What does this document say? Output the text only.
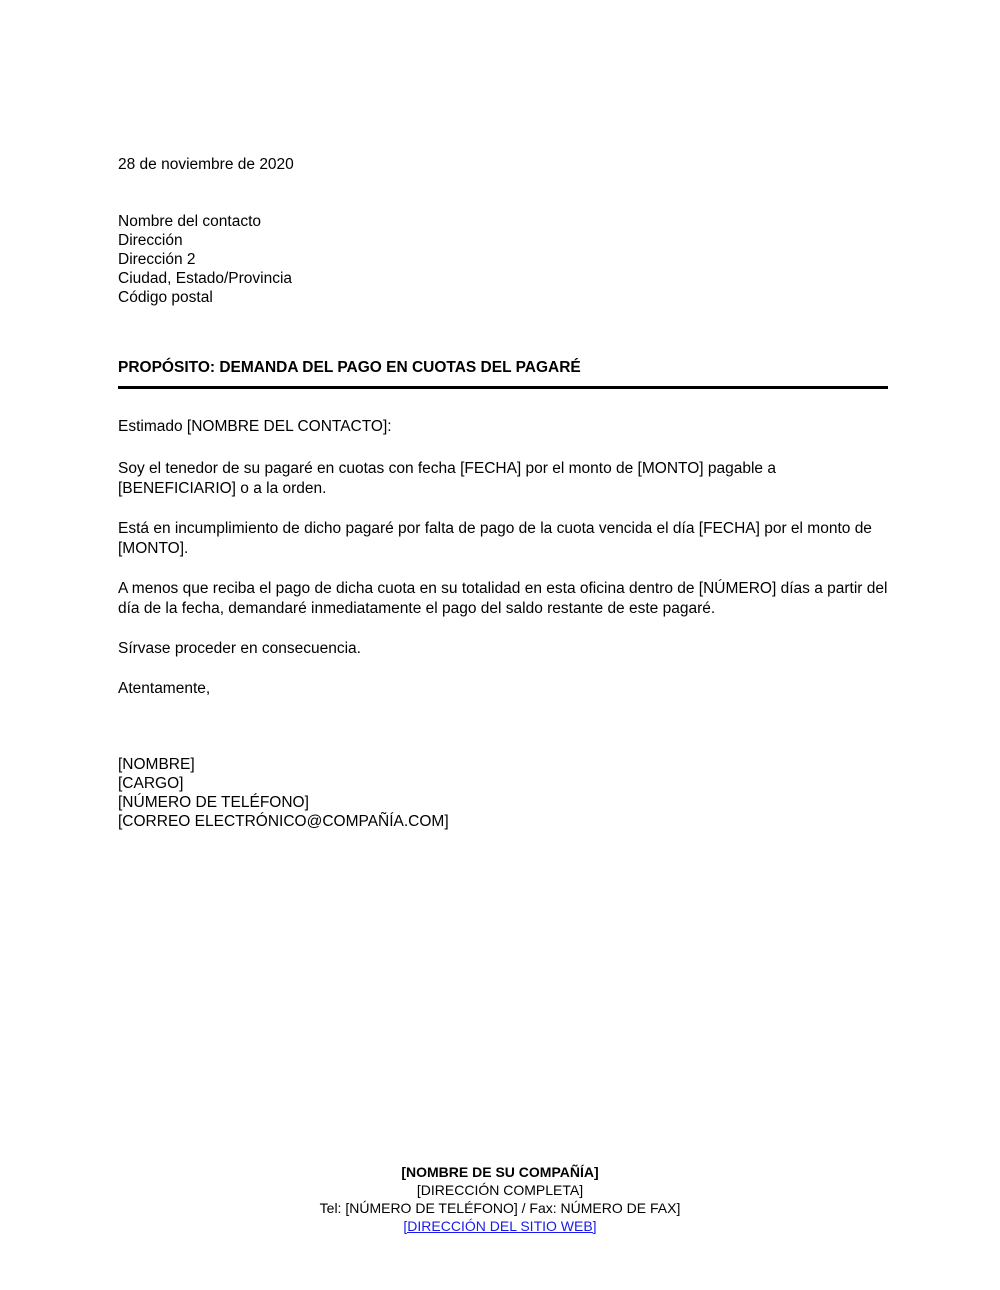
28 de noviembre de 2020
Nombre del contacto
Dirección
Dirección 2
Ciudad, Estado/Provincia
Código postal
PROPÓSITO: DEMANDA DEL PAGO EN CUOTAS DEL PAGARÉ

Estimado [NOMBRE DEL CONTACTO]:

Soy el tenedor de su pagaré en cuotas con fecha [FECHA] por el monto de [MONTO] pagable a [BENEFICIARIO] o a la orden.

Está en incumplimiento de dicho pagaré por falta de pago de la cuota vencida el día [FECHA] por el monto de [MONTO].

A menos que reciba el pago de dicha cuota en su totalidad en esta oficina dentro de [NÚMERO] días a partir del día de la fecha, demandaré inmediatamente el pago del saldo restante de este pagaré.

Sírvase proceder en consecuencia.

Atentamente,

[NOMBRE]
[CARGO]
[NÚMERO DE TELÉFONO]
[CORREO ELECTRÓNICO@COMPAÑÍA.COM]
[NOMBRE DE SU COMPAÑÍA]
[DIRECCIÓN COMPLETA]
Tel: [NÚMERO DE TELÉFONO] / Fax: NÚMERO DE FAX]
[DIRECCIÓN DEL SITIO WEB]
